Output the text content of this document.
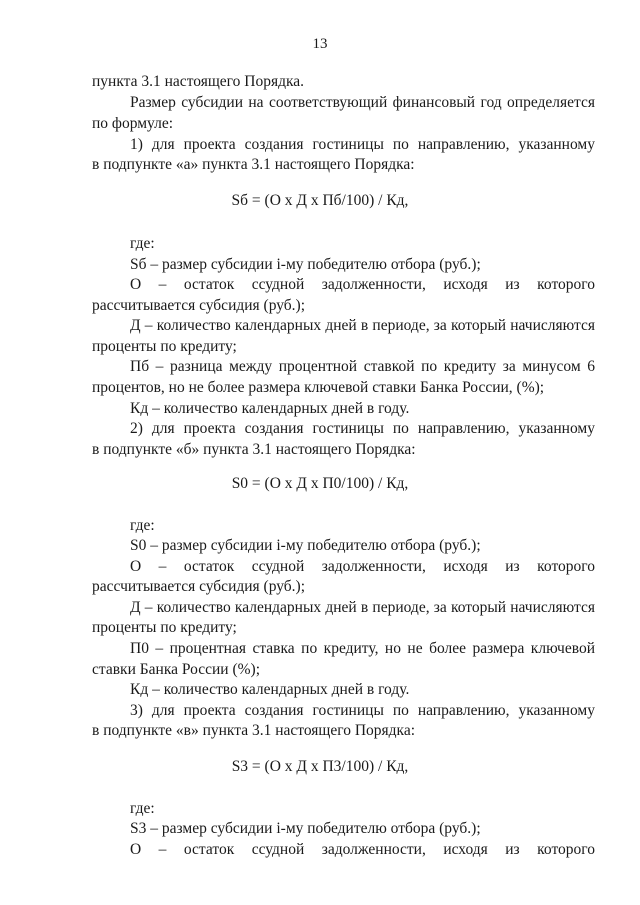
13
пункта 3.1 настоящего Порядка.
Размер субсидии на соответствующий финансовый год определяется
по формуле:
1) для проекта создания гостиницы по направлению, указанному
в подпункте «а» пункта 3.1 настоящего Порядка:
Sб = (О х Д х Пб/100) / Кд,
где:
Sб – размер субсидии i-му победителю отбора (руб.);
О – остаток ссудной задолженности, исходя из которого
рассчитывается субсидия (руб.);
Д – количество календарных дней в периоде, за который начисляются
проценты по кредиту;
Пб – разница между процентной ставкой по кредиту за минусом 6
процентов, но не более размера ключевой ставки Банка России, (%);
Кд – количество календарных дней в году.
2) для проекта создания гостиницы по направлению, указанному
в подпункте «б» пункта 3.1 настоящего Порядка:
S0 = (О х Д х П0/100) / Кд,
где:
S0 – размер субсидии i-му победителю отбора (руб.);
О – остаток ссудной задолженности, исходя из которого
рассчитывается субсидия (руб.);
Д – количество календарных дней в периоде, за который начисляются
проценты по кредиту;
П0 – процентная ставка по кредиту, но не более размера ключевой
ставки Банка России (%);
Кд – количество календарных дней в году.
3) для проекта создания гостиницы по направлению, указанному
в подпункте «в» пункта 3.1 настоящего Порядка:
S3 = (О х Д х П3/100) / Кд,
где:
S3 – размер субсидии i-му победителю отбора (руб.);
О – остаток ссудной задолженности, исходя из которого
